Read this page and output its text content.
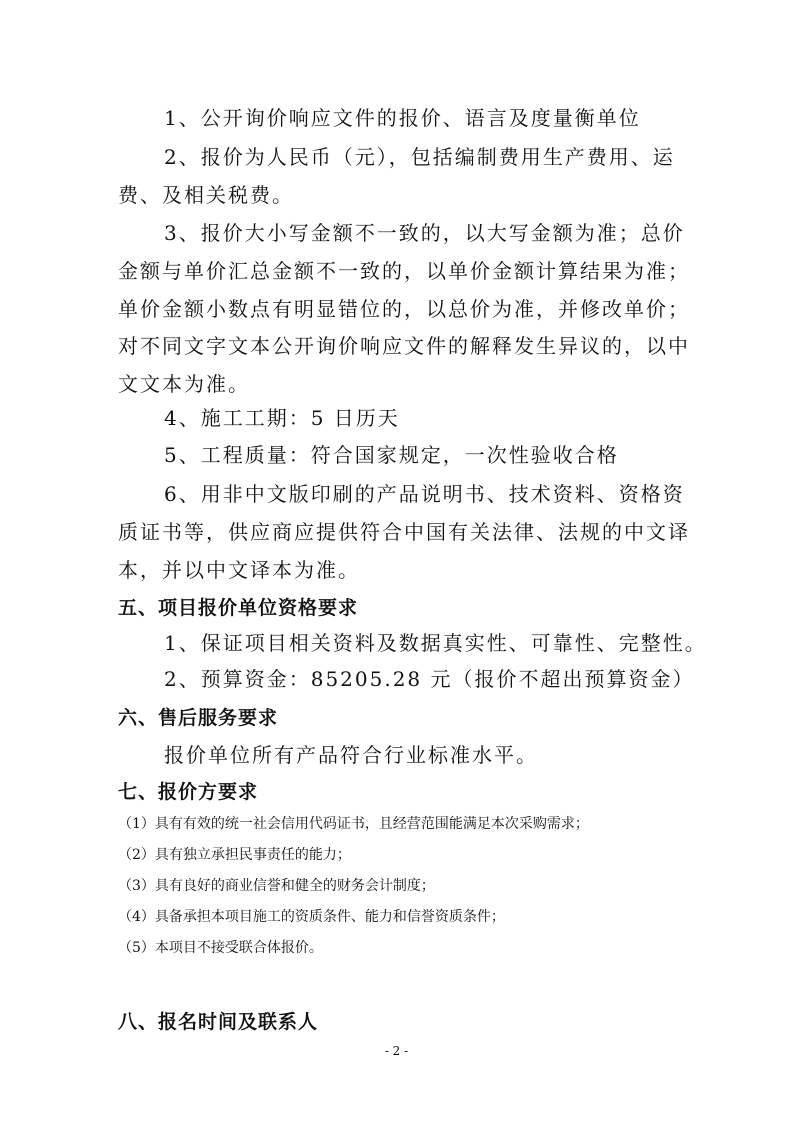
1、公开询价响应文件的报价、语言及度量衡单位

2、报价为人民币（元），包括编制费用生产费用、运

费、及相关税费。

3、报价大小写金额不一致的，以大写金额为准；总价

金额与单价汇总金额不一致的，以单价金额计算结果为准；

单价金额小数点有明显错位的，以总价为准，并修改单价；

对不同文字文本公开询价响应文件的解释发生异议的，以中

文文本为准。

4、施工工期：5 日历天

5、工程质量：符合国家规定，一次性验收合格

6、用非中文版印刷的产品说明书、技术资料、资格资

质证书等，供应商应提供符合中国有关法律、法规的中文译

本，并以中文译本为准。

五、项目报价单位资格要求

1、保证项目相关资料及数据真实性、可靠性、完整性。

2、预算资金：85205.28 元（报价不超出预算资金）

六、售后服务要求

报价单位所有产品符合行业标准水平。

七、报价方要求

（1）具有有效的统一社会信用代码证书，且经营范围能满足本次采购需求；

（2）具有独立承担民事责任的能力；

（3）具有良好的商业信誉和健全的财务会计制度；

（4）具备承担本项目施工的资质条件、能力和信誉资质条件；

（5）本项目不接受联合体报价。

八、报名时间及联系人
- 2 -
